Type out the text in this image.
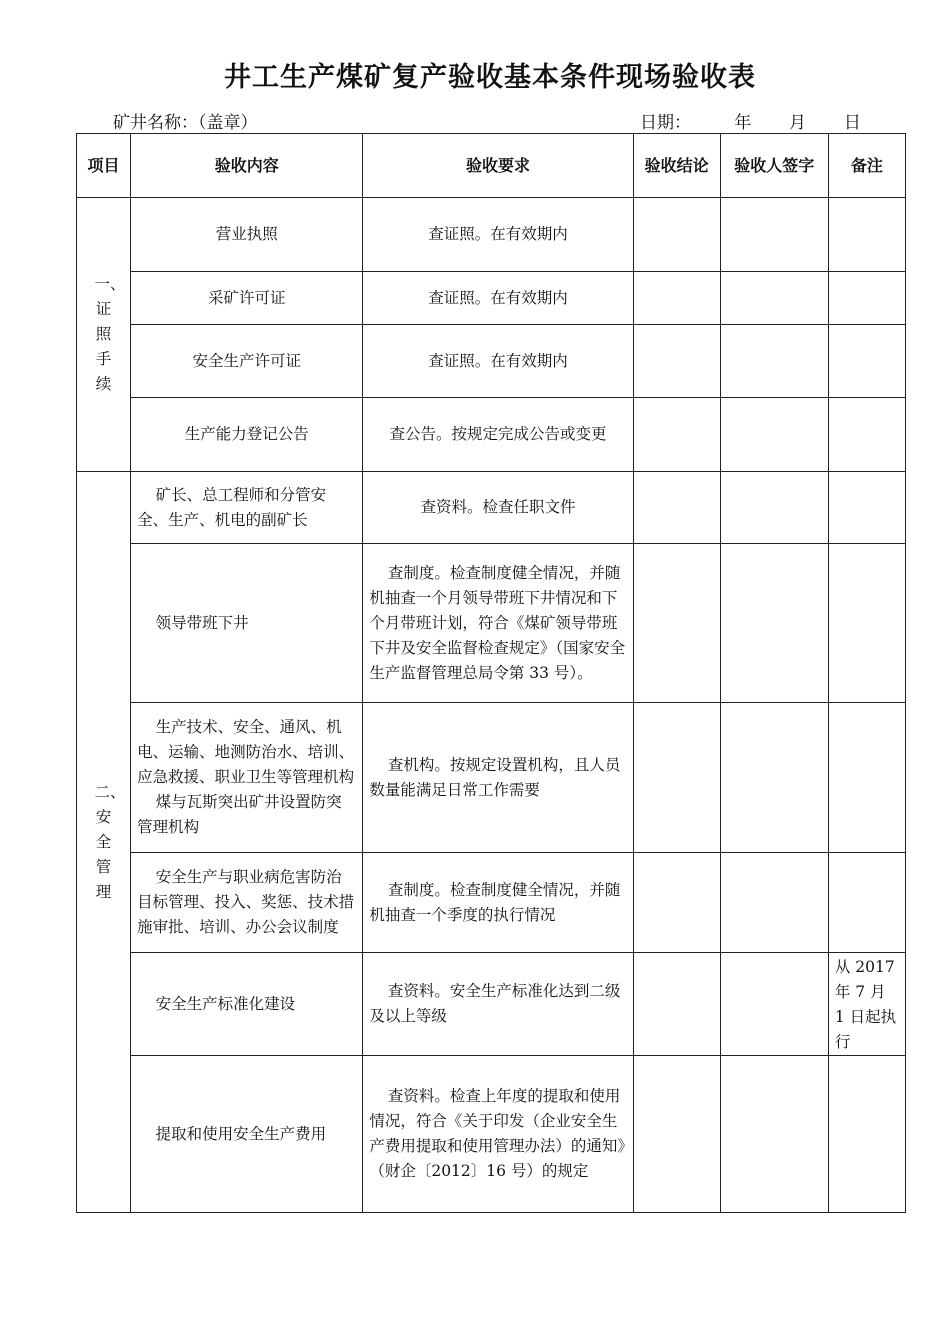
井工生产煤矿复产验收基本条件现场验收表
矿井名称：（盖章）	日期：        年       月       日
项目	验收内容	验收要求	验收结论	验收人签字	备注
一、证照手续	营业执照	查证照。在有效期内			
	采矿许可证	查证照。在有效期内			
	安全生产许可证	查证照。在有效期内			
	生产能力登记公告	查公告。按规定完成公告或变更			
二、安全管理	矿长、总工程师和分管安全、生产、机电的副矿长	查资料。检查任职文件			
	领导带班下井	查制度。检查制度健全情况，并随机抽查一个月领导带班下井情况和下个月带班计划，符合《煤矿领导带班下井及安全监督检查规定》（国家安全生产监督管理总局令第 33 号）。			

	生产技术、安全、通风、机电、运输、地测防治水、培训、应急救援、职业卫生等管理机构
煤与瓦斯突出矿井设置防突管理机构	查机构。按规定设置机构，且人员数量能满足日常工作需要			
	安全生产与职业病危害防治目标管理、投入、奖惩、技术措施审批、培训、办公会议制度	查制度。检查制度健全情况，并随机抽查一个季度的执行情况			
	安全生产标准化建设	查资料。安全生产标准化达到二级及以上等级			从 2017 年 7 月 1 日起执行
	提取和使用安全生产费用	查资料。检查上年度的提取和使用情况，符合《关于印发（企业安全生产费用提取和使用管理办法）的通知》（财企〔2012〕16 号）的规定			
